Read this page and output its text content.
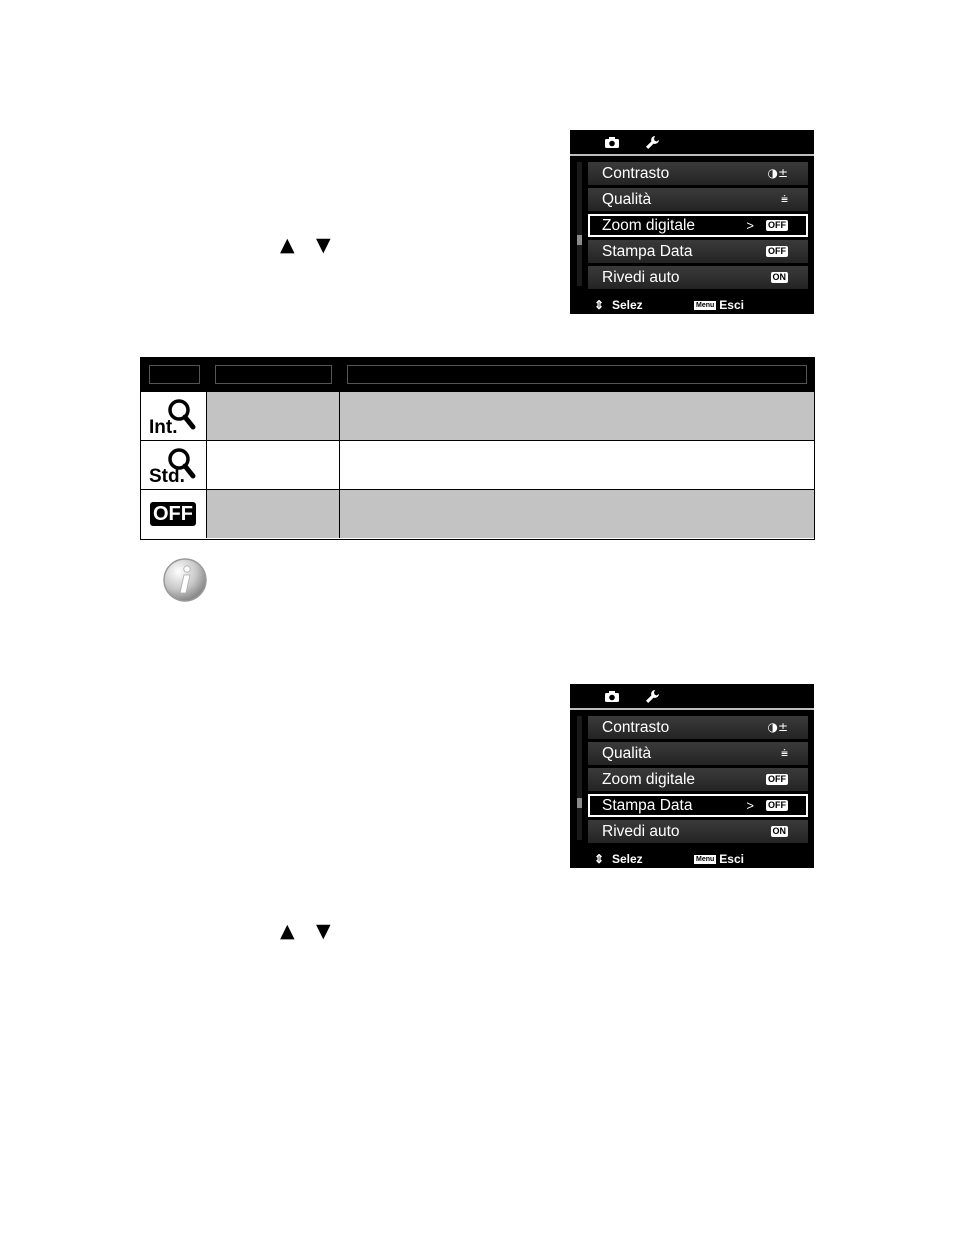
▲ ▼
Contrasto	◑±
Qualità	⩧
Zoom digitale	> OFF
Stampa Data	OFF
Rivedi auto	ON
⇕ Selez	Menu Esci
Int.
Std.
OFF
Contrasto	◑±
Qualità	⩧
Zoom digitale	OFF
Stampa Data	> OFF
Rivedi auto	ON
⇕ Selez	Menu Esci
▲ ▼
